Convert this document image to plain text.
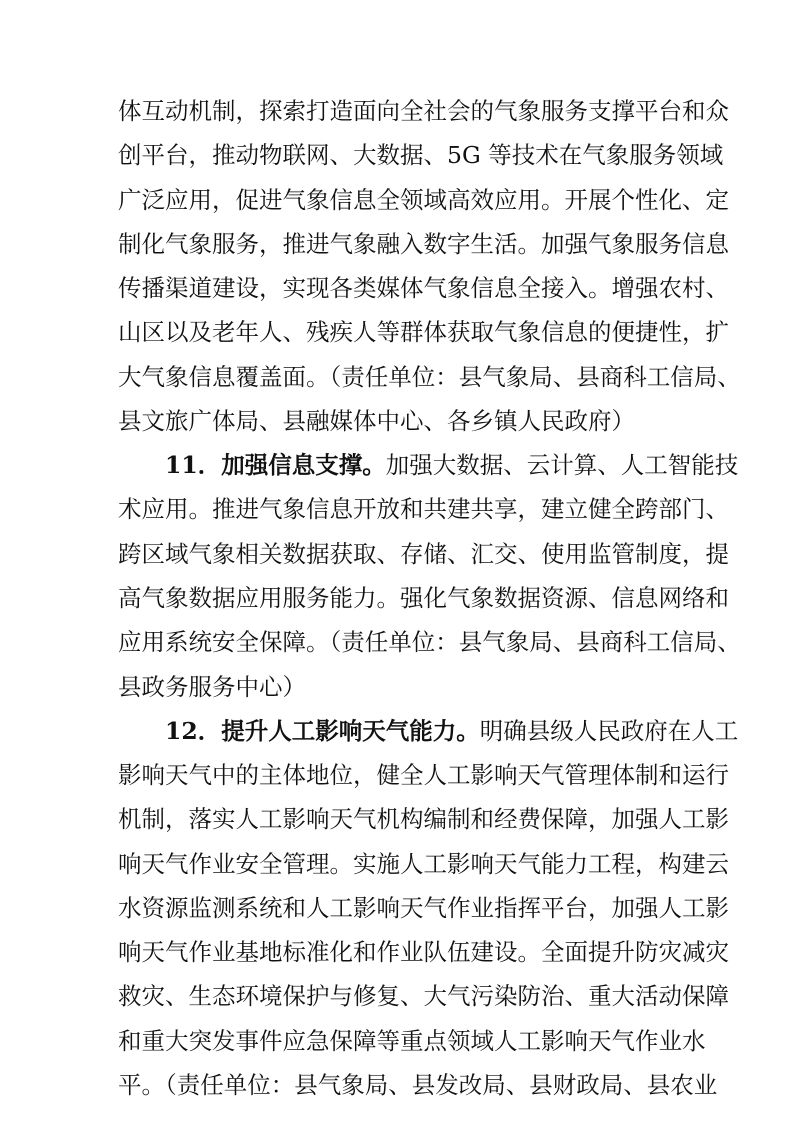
体互动机制，探索打造面向全社会的气象服务支撑平台和众
创平台，推动物联网、大数据、5G 等技术在气象服务领域
广泛应用，促进气象信息全领域高效应用。开展个性化、定
制化气象服务，推进气象融入数字生活。加强气象服务信息
传播渠道建设，实现各类媒体气象信息全接入。增强农村、
山区以及老年人、残疾人等群体获取气象信息的便捷性，扩
大气象信息覆盖面。（责任单位：县气象局、县商科工信局、
县文旅广体局、县融媒体中心、各乡镇人民政府）
11．加强信息支撑。加强大数据、云计算、人工智能技
术应用。推进气象信息开放和共建共享，建立健全跨部门、
跨区域气象相关数据获取、存储、汇交、使用监管制度，提
高气象数据应用服务能力。强化气象数据资源、信息网络和
应用系统安全保障。（责任单位：县气象局、县商科工信局、
县政务服务中心）
12．提升人工影响天气能力。明确县级人民政府在人工
影响天气中的主体地位，健全人工影响天气管理体制和运行
机制，落实人工影响天气机构编制和经费保障，加强人工影
响天气作业安全管理。实施人工影响天气能力工程，构建云
水资源监测系统和人工影响天气作业指挥平台，加强人工影
响天气作业基地标准化和作业队伍建设。全面提升防灾减灾
救灾、生态环境保护与修复、大气污染防治、重大活动保障
和重大突发事件应急保障等重点领域人工影响天气作业水
平。（责任单位：县气象局、县发改局、县财政局、县农业
